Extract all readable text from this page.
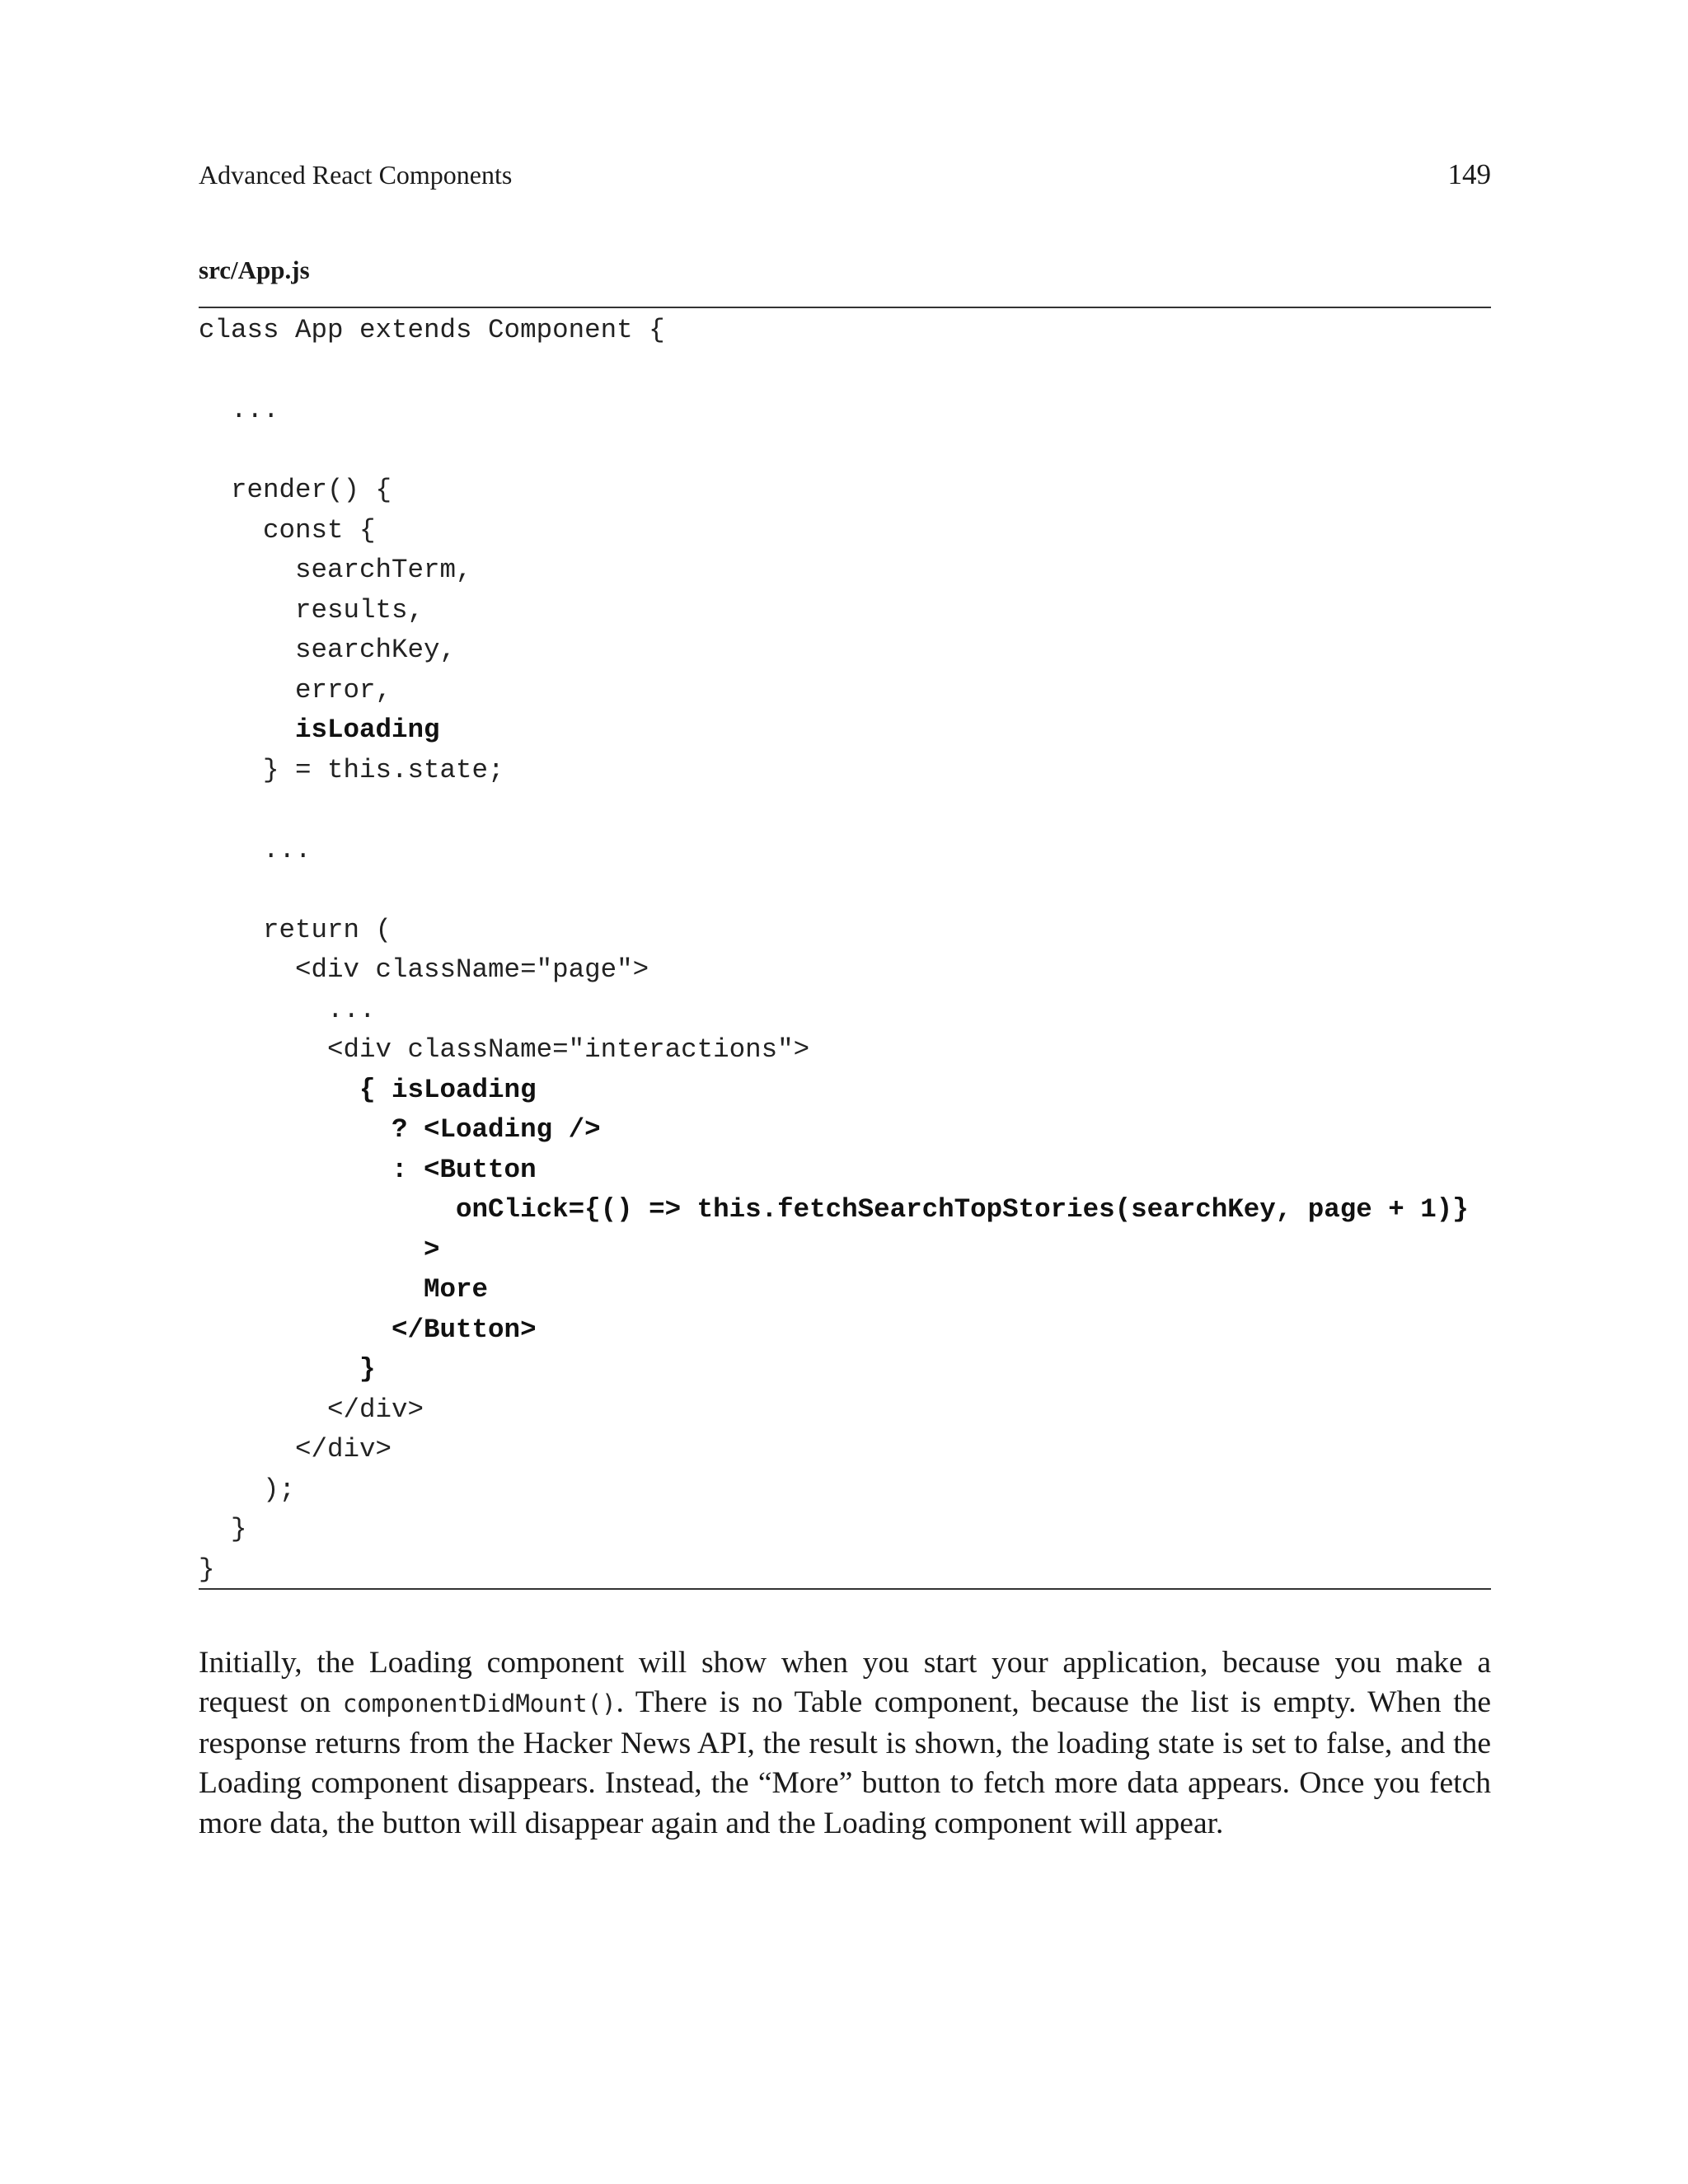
Advanced React Components	149
src/App.js
class App extends Component {
...
render() {
const {
searchTerm,
results,
searchKey,
error,
isLoading
} = this.state;
...
return (
<div className="page">
...
<div className="interactions">
{ isLoading
? <Loading />
: <Button
onClick={() => this.fetchSearchTopStories(searchKey, page + 1)}
>
More
</Button>
}
</div>
</div>
);
}
}

Initially, the Loading component will show when you start your application, because you make a request on componentDidMount(). There is no Table component, because the list is empty. When the response returns from the Hacker News API, the result is shown, the loading state is set to false, and the Loading component disappears. Instead, the “More” button to fetch more data appears. Once you fetch more data, the button will disappear again and the Loading component will appear.
